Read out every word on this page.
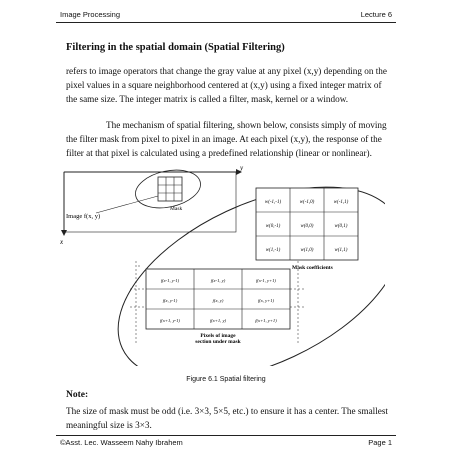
Image Processing	Lecture 6
Filtering in the spatial domain (Spatial Filtering)
refers to image operators that change the gray value at any pixel (x,y) depending on the pixel values in a square neighborhood centered at (x,y) using a fixed integer matrix of the same size. The integer matrix is called a filter, mask, kernel or a window.
The mechanism of spatial filtering, shown below, consists simply of moving the filter mask from pixel to pixel in an image. At each pixel (x,y), the response of the filter at that pixel is calculated using a predefined relationship (linear or nonlinear).
y
x
Image f(x, y)
Mask
w(-1,-1)	w(-1,0)	w(-1,1)
w(0,-1)	w(0,0)	w(0,1)
w(1,-1)	w(1,0)	w(1,1)
Mask coefficients
f(x-1, y-1)	f(x-1, y)	f(x-1, y+1)
f(x, y-1)	f(x, y)	f(x, y+1)
f(x+1, y-1)	f(x+1, y)	f(x+1, y+1)
Pixels of image
section under mask
Figure 6.1 Spatial filtering
Note:
The size of mask must be odd (i.e. 3×3, 5×5, etc.) to ensure it has a center. The smallest meaningful size is 3×3.
©Asst. Lec. Wasseem Nahy Ibrahem	Page 1
